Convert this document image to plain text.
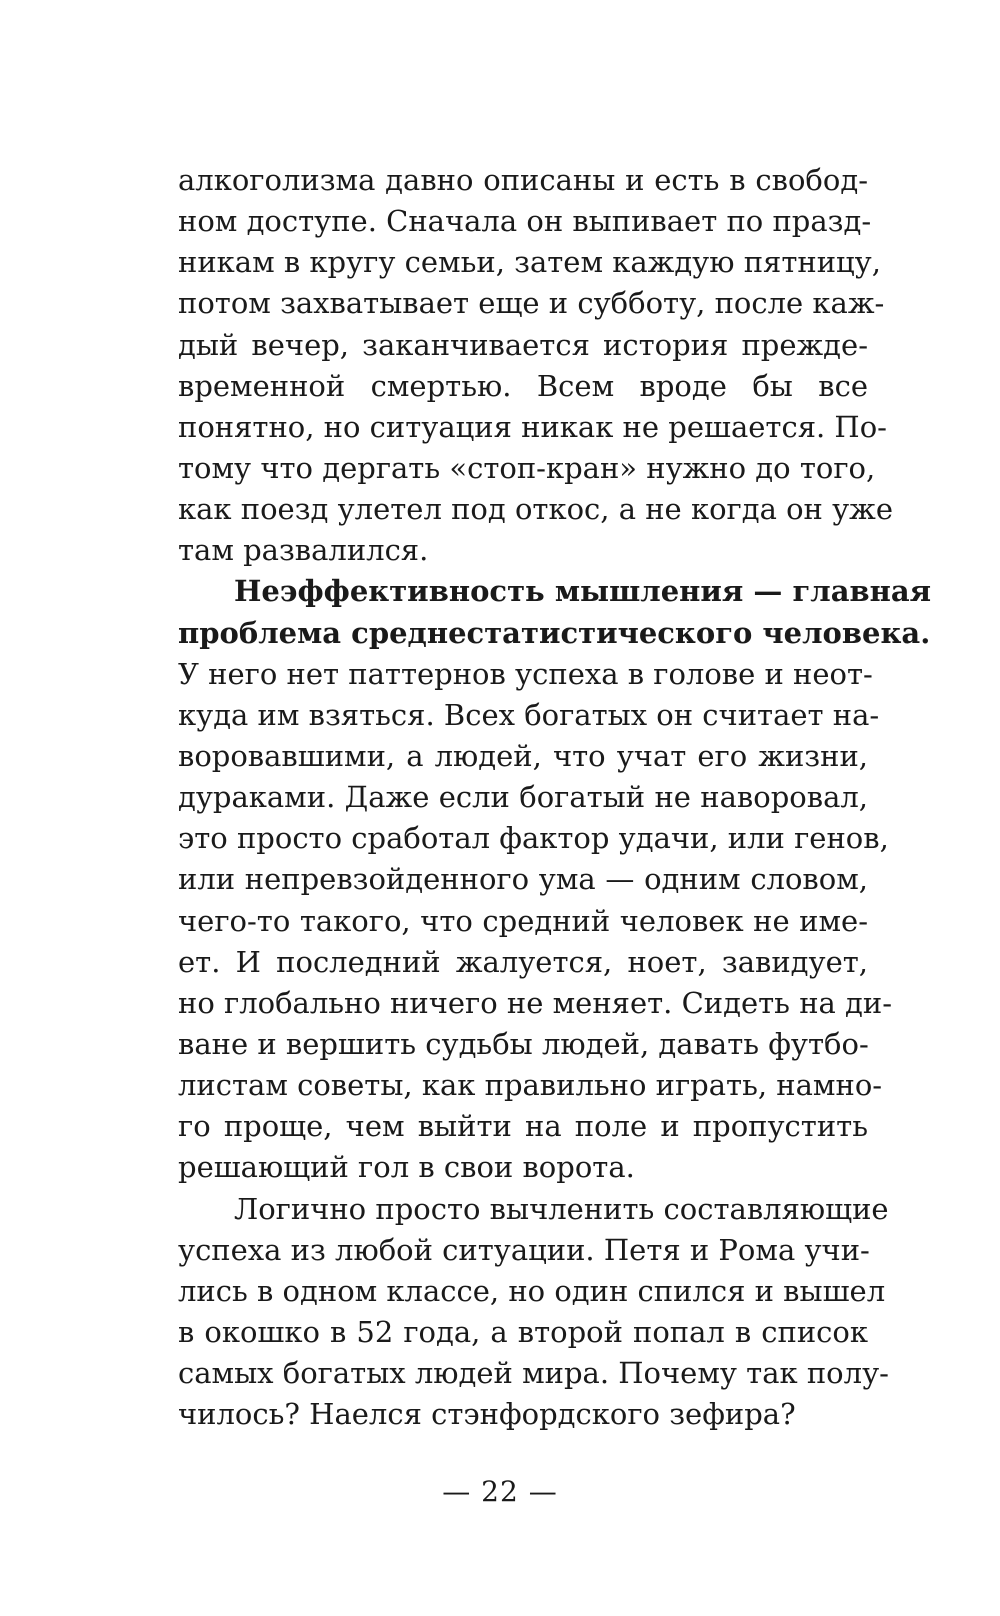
алкоголизма давно описаны и есть в свобод-
ном доступе. Сначала он выпивает по празд-
никам в кругу семьи, затем каждую пятницу,
потом захватывает еще и субботу, после каж-
дый вечер, заканчивается история прежде-
временной смертью. Всем вроде бы все
понятно, но ситуация никак не решается. По-
тому что дергать «стоп-кран» нужно до того,
как поезд улетел под откос, а не когда он уже
там развалился.
Неэффективность мышления — главная
проблема среднестатистического человека.
У него нет паттернов успеха в голове и неот-
куда им взяться. Всех богатых он считает на-
воровавшими, а людей, что учат его жизни,
дураками. Даже если богатый не наворовал,
это просто сработал фактор удачи, или генов,
или непревзойденного ума — одним словом,
чего-то такого, что средний человек не име-
ет. И последний жалуется, ноет, завидует,
но глобально ничего не меняет. Сидеть на ди-
ване и вершить судьбы людей, давать футбо-
листам советы, как правильно играть, намно-
го проще, чем выйти на поле и пропустить
решающий гол в свои ворота.
Логично просто вычленить составляющие
успеха из любой ситуации. Петя и Рома учи-
лись в одном классе, но один спился и вышел
в окошко в 52 года, а второй попал в список
самых богатых людей мира. Почему так полу-
чилось? Наелся стэнфордского зефира?
— 22 —
